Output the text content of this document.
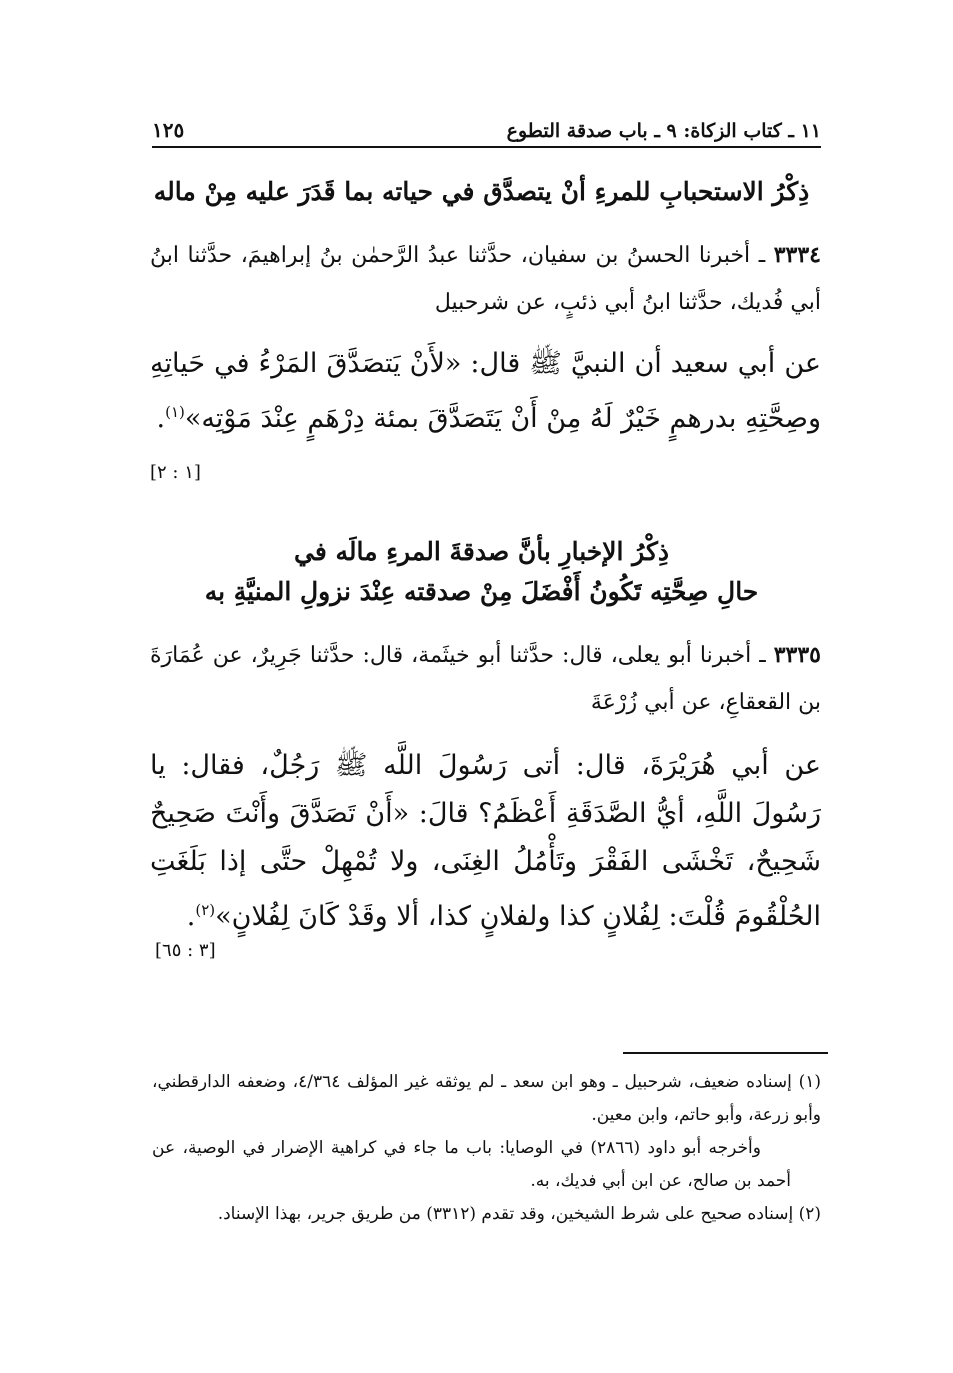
١١ ـ كتاب الزكاة: ٩ ـ باب صدقة التطوع
١٢٥
ذِكْرُ الاستحبابِ للمرءِ أنْ يتصدَّق في حياته بما قَدَرَ عليه مِنْ ماله
٣٣٣٤ ـ أخبرنا الحسنُ بن سفيان، حدَّثنا عبدُ الرَّحمٰن بنُ إبراهيمَ، حدَّثنا ابنُ أبي فُديك، حدَّثنا ابنُ أبي ذئبٍ، عن شرحبيل
عن أبي سعيد أن النبيَّ ﷺ قال: «لأَنْ يَتصَدَّقَ المَرْءُ في حَياتِهِ وصِحَّتِهِ بدرهمٍ خَيْرٌ لَهُ مِنْ أَنْ يَتَصَدَّقَ بمئة دِرْهَمٍ عِنْدَ مَوْتِه»$^{(١)}$.
[١ : ٢]
ذِكْرُ الإخبارِ بأنَّ صدقةَ المرءِ مالَه في
حالِ صِحَّتِه تَكُونُ أَفْضَلَ مِنْ صدقته عِنْدَ نزولِ المنيَّةِ به
٣٣٣٥ ـ أخبرنا أبو يعلى، قال: حدَّثنا أبو خيثَمة، قال: حدَّثنا جَرِيرٌ، عن عُمَارَةَ بن القعقاعِ، عن أبي زُرْعَةَ
عن أبي هُرَيْرَةَ، قال: أتى رَسُولَ اللَّه ﷺ رَجُلٌ، فقال: يا رَسُولَ اللَّهِ، أيُّ الصَّدَقَةِ أَعْظَمُ؟ قالَ: «أَنْ تَصَدَّقَ وأَنْتَ صَحِيحٌ شَحِيحٌ، تَخْشَى الفَقْرَ وتَأْمُلُ الغِنَى، ولا تُمْهِلْ حتَّى إذا بَلَغَتِ الحُلْقُومَ قُلْتَ: لِفُلانٍ كذا ولفلانٍ كذا، ألا وقَدْ كَانَ لِفُلانٍ»$^{(٢)}$.
[٣ : ٦٥]
(١) إسناده ضعيف، شرحبيل ـ وهو ابن سعد ـ لم يوثقه غير المؤلف ٤/٣٦٤، وضعفه الدارقطني، وأبو زرعة، وأبو حاتم، وابن معين.

وأخرجه أبو داود (٢٨٦٦) في الوصايا: باب ما جاء في كراهية الإضرار في الوصية، عن أحمد بن صالح، عن ابن أبي فديك، به.

(٢) إسناده صحيح على شرط الشيخين، وقد تقدم (٣٣١٢) من طريق جرير، بهذا الإسناد.
